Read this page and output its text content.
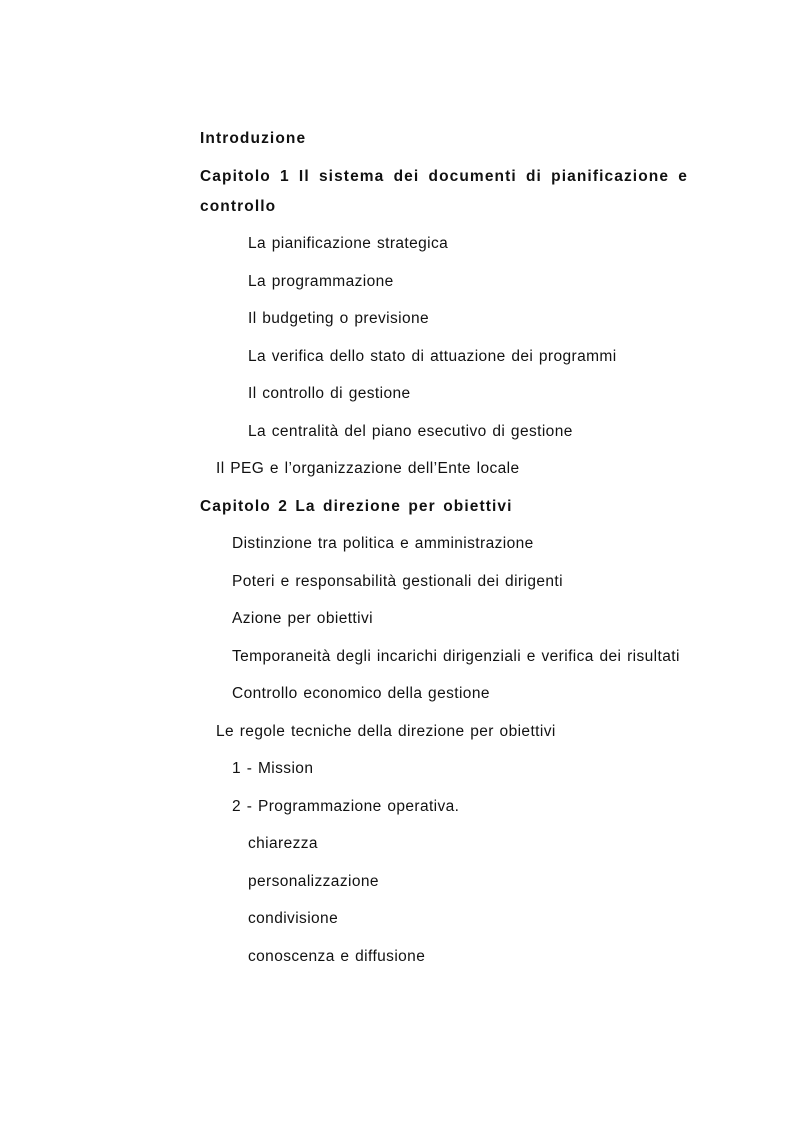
Introduzione
Capitolo 1 Il sistema dei documenti di pianificazione e controllo
La pianificazione strategica
La programmazione
Il budgeting o previsione
La verifica dello stato di attuazione dei programmi
Il controllo di gestione
La centralità del piano esecutivo di gestione
Il PEG e l’organizzazione dell’Ente locale
Capitolo 2 La direzione per obiettivi
Distinzione tra politica e amministrazione
Poteri e responsabilità gestionali dei dirigenti
Azione per obiettivi
Temporaneità degli incarichi dirigenziali e verifica dei risultati
Controllo economico della gestione
Le regole tecniche della direzione per obiettivi
1 - Mission
2 - Programmazione operativa.
chiarezza
personalizzazione
condivisione
conoscenza e diffusione
